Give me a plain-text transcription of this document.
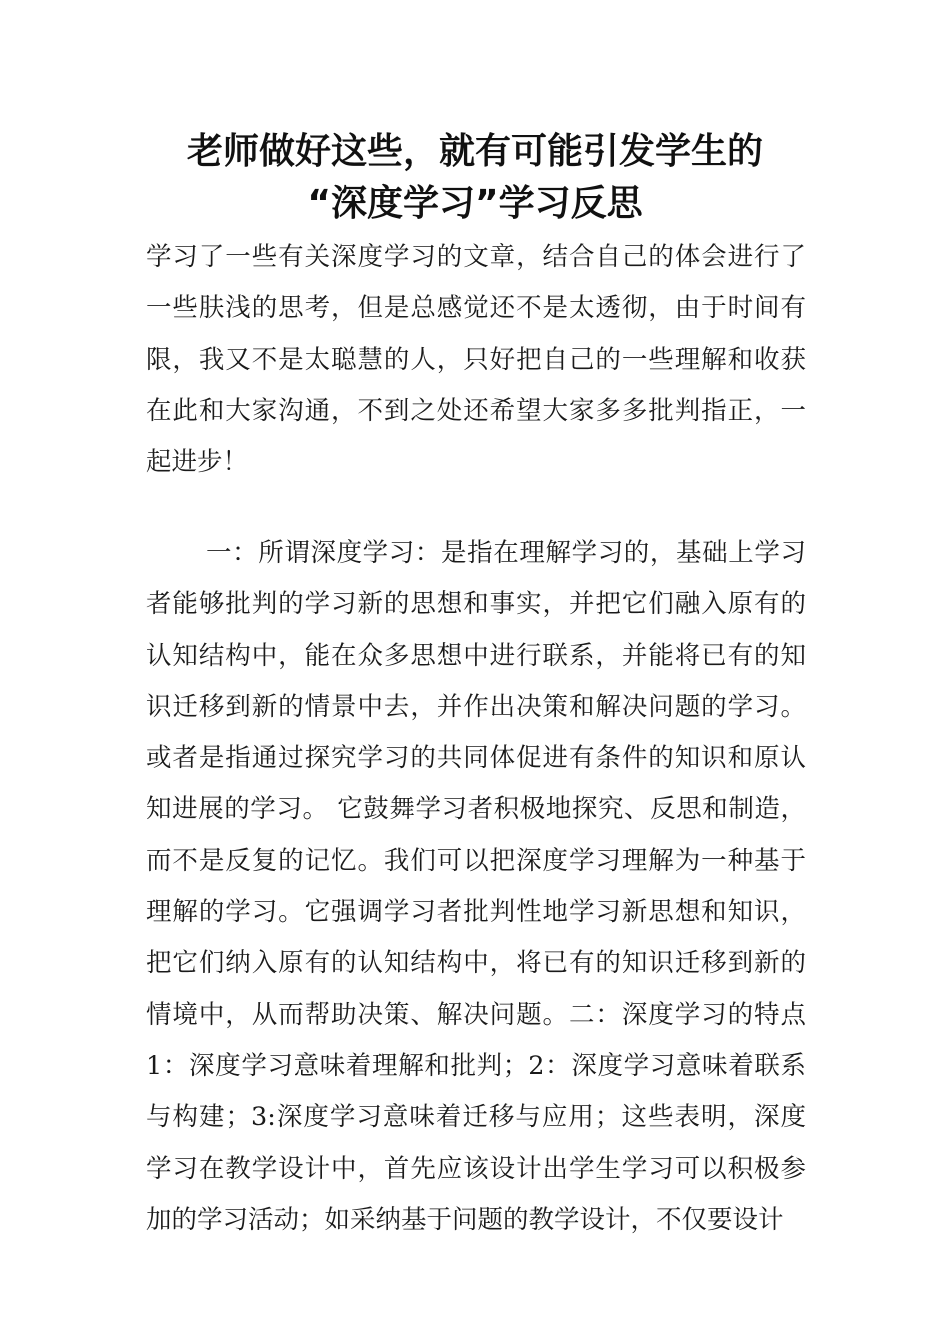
老师做好这些，就有可能引发学生的
“深度学习”学习反思

学习了一些有关深度学习的文章，结合自己的体会进行了一些肤浅的思考，但是总感觉还不是太透彻，由于时间有限，我又不是太聪慧的人，只好把自己的一些理解和收获在此和大家沟通，不到之处还希望大家多多批判指正，一起进步！

一：所谓深度学习：是指在理解学习的，基础上学习者能够批判的学习新的思想和事实，并把它们融入原有的认知结构中，能在众多思想中进行联系，并能将已有的知识迁移到新的情景中去，并作出决策和解决问题的学习。或者是指通过探究学习的共同体促进有条件的知识和原认知进展的学习。 它鼓舞学习者积极地探究、反思和制造，而不是反复的记忆。我们可以把深度学习理解为一种基于理解的学习。它强调学习者批判性地学习新思想和知识，把它们纳入原有的认知结构中，将已有的知识迁移到新的情境中，从而帮助决策、解决问题。二：深度学习的特点1：深度学习意味着理解和批判；2：深度学习意味着联系与构建；3:深度学习意味着迁移与应用；这些表明，深度学习在教学设计中，首先应该设计出学生学习可以积极参加的学习活动；如采纳基于问题的教学设计，不仅要设计
